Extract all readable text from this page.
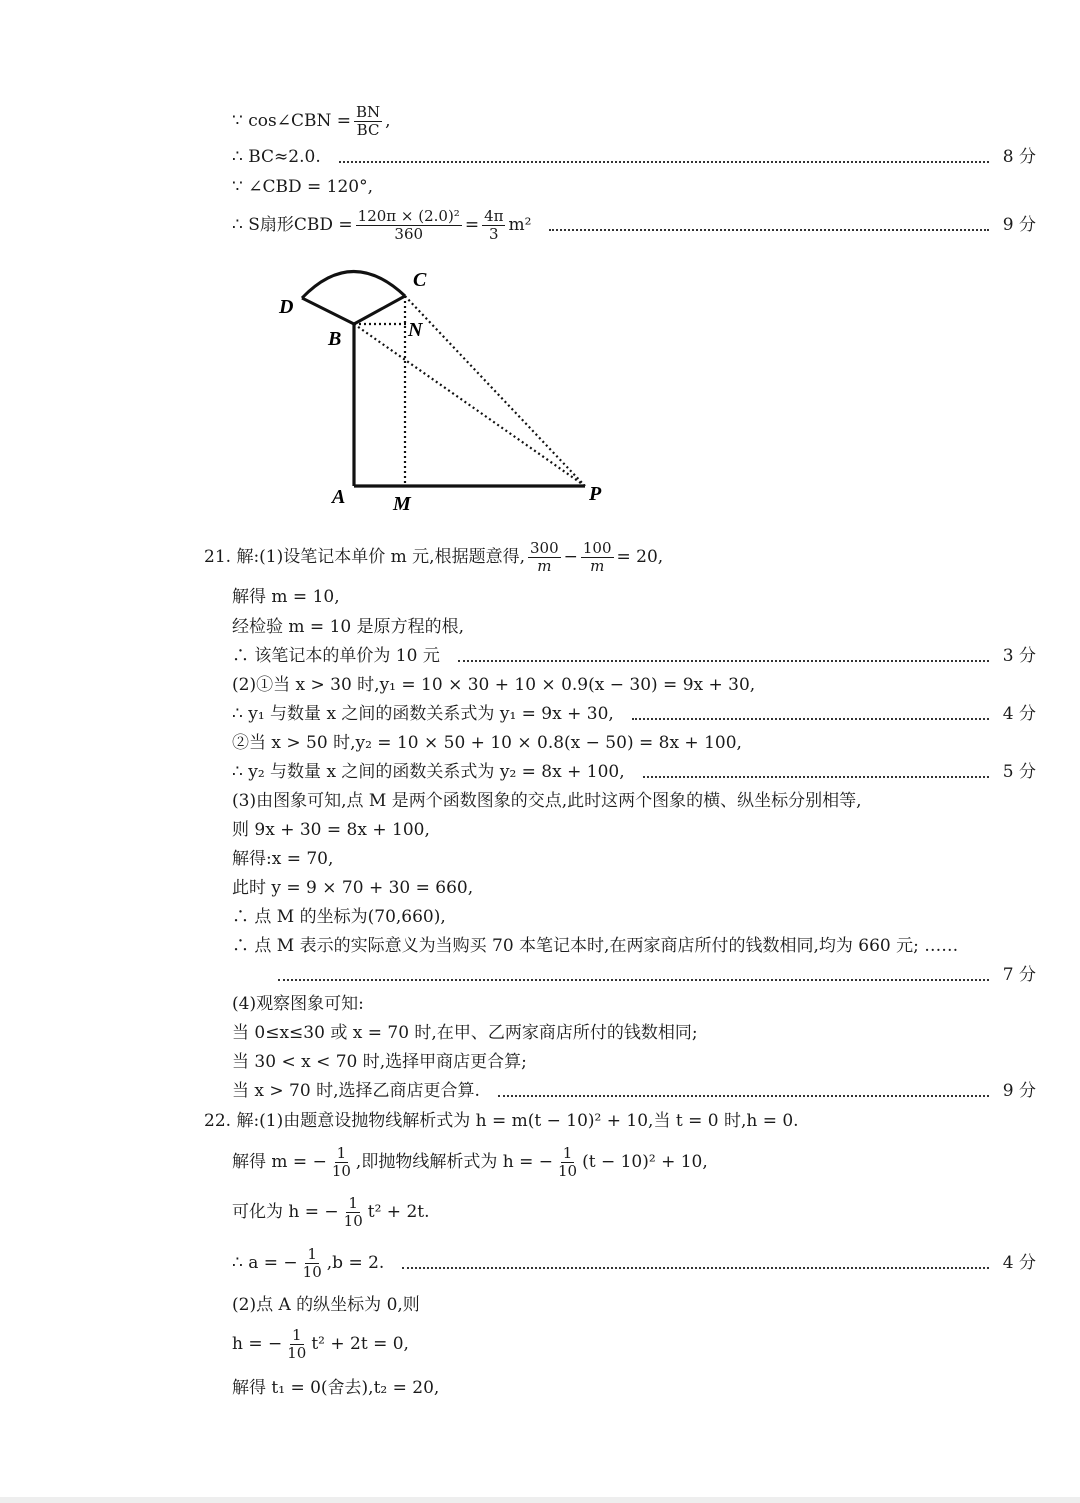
∵ cos∠CBN = $\frac{BN}{BC}$ ,
∴ BC≈2.0.	8 分
∵ ∠CBD = 120°,
∴ S扇形CBD = $\frac{\text{120π × (2.0)²}}{360} = \frac{4\pi}{3} m^2$	9 分
D
C
B	N
A M	P
21. 解:(1)设笔记本单价 m 元,根据题意得, $\frac{300}{m} - \frac{100}{m} = 20$,
解得 m = 10,
经检验 m = 10 是原方程的根,
∴ 该笔记本的单价为 10 元	3 分
(2)①当 x > 30 时,y₁ = 10 × 30 + 10 × 0.9(x − 30) = 9x + 30,
∴ y₁ 与数量 x 之间的函数关系式为 y₁ = 9x + 30,	4 分
②当 x > 50 时,y₂ = 10 × 50 + 10 × 0.8(x − 50) = 8x + 100,
∴ y₂ 与数量 x 之间的函数关系式为 y₂ = 8x + 100,	5 分
(3)由图象可知,点 M 是两个函数图象的交点,此时这两个图象的横、纵坐标分别相等,
则 9x + 30 = 8x + 100,
解得:x = 70,
此时 y = 9 × 70 + 30 = 660,
∴ 点 M 的坐标为(70,660),
∴ 点 M 表示的实际意义为当购买 70 本笔记本时,在两家商店所付的钱数相同,均为 660 元; ……
7 分
(4)观察图象可知:
当 0≤x≤30 或 x = 70 时,在甲、乙两家商店所付的钱数相同;
当 30 < x < 70 时,选择甲商店更合算;
当 x > 70 时,选择乙商店更合算.	9 分
22. 解:(1)由题意设抛物线解析式为 h = m(t − 10)² + 10,当 t = 0 时,h = 0.
解得 m = − $\frac{1}{10}$ ,即抛物线解析式为 h = − $\frac{1}{10} (t - 10)^2 + 10$,
可化为 h = − $\frac{1}{10} t^2 + 2t$.
∴ a = − $\frac{1}{10} ,b = 2$.	4 分
(2)点 A 的纵坐标为 0,则
h = − $\frac{1}{10} t^2 + 2t = 0$,
解得 t₁ = 0(舍去),t₂ = 20,
